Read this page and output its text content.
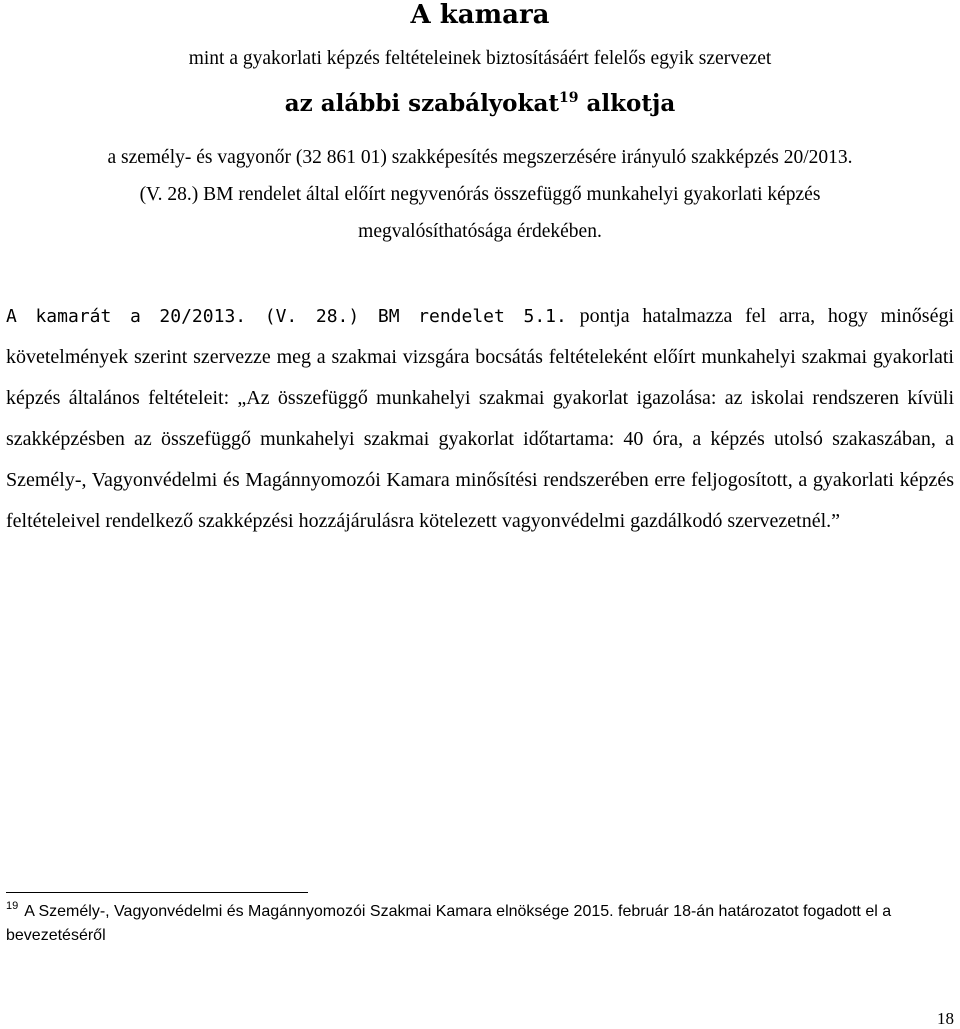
A kamara
mint a gyakorlati képzés feltételeinek biztosításáért felelős egyik szervezet
az alábbi szabályokat$^{19}$ alkotja
a személy- és vagyonőr (32 861 01) szakképesítés megszerzésére irányuló szakképzés 20/2013.
(V. 28.) BM rendelet által előírt negyvenórás összefüggő munkahelyi gyakorlati képzés
megvalósíthatósága érdekében.

A kamarát a 20/2013. (V. 28.) BM rendelet 5.1. pontja hatalmazza fel arra, hogy minőségi követelmények szerint szervezze meg a szakmai vizsgára bocsátás feltételeként előírt munkahelyi szakmai gyakorlati képzés általános feltételeit: „Az összefüggő munkahelyi szakmai gyakorlat igazolása: az iskolai rendszeren kívüli szakképzésben az összefüggő munkahelyi szakmai gyakorlat időtartama: 40 óra, a képzés utolsó szakaszában, a Személy-, Vagyonvédelmi és Magánnyomozói Kamara minősítési rendszerében erre feljogosított, a gyakorlati képzés feltételeivel rendelkező szakképzési hozzájárulásra kötelezett vagyonvédelmi gazdálkodó szervezetnél.”

$^{19}$ A Személy-, Vagyonvédelmi és Magánnyomozói Szakmai Kamara elnöksége 2015. február 18-án határozatot fogadott el a bevezetéséről
18
